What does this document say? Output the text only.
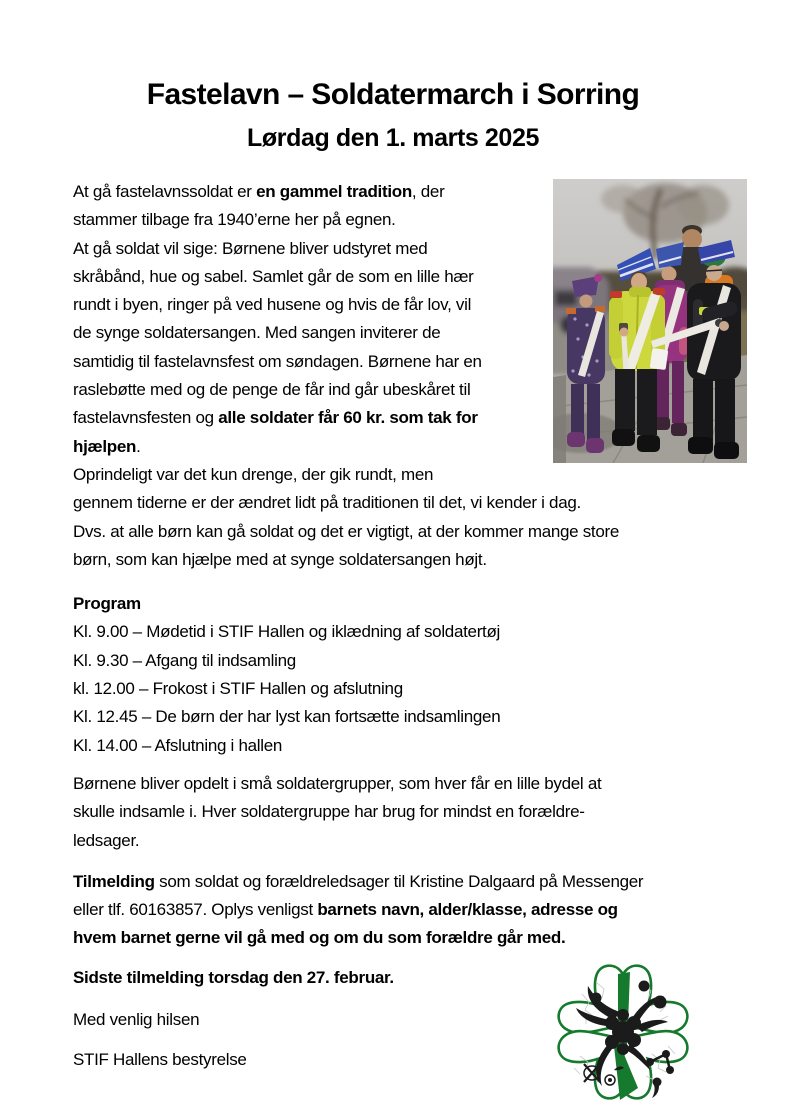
Fastelavn – Soldatermarch i Sorring
Lørdag den 1. marts 2025
At gå fastelavnssoldat er en gammel tradition, der
stammer tilbage fra 1940’erne her på egnen.
At gå soldat vil sige: Børnene bliver udstyret med
skråbånd, hue og sabel. Samlet går de som en lille hær
rundt i byen, ringer på ved husene og hvis de får lov, vil
de synge soldatersangen. Med sangen inviterer de
samtidig til fastelavnsfest om søndagen. Børnene har en
raslebøtte med og de penge de får ind går ubeskåret til
fastelavnsfesten og alle soldater får 60 kr. som tak for
hjælpen.
Oprindeligt var det kun drenge, der gik rundt, men
gennem tiderne er der ændret lidt på traditionen til det, vi kender i dag.
Dvs. at alle børn kan gå soldat og det er vigtigt, at der kommer mange store
børn, som kan hjælpe med at synge soldatersangen højt.
Program
Kl. 9.00 – Mødetid i STIF Hallen og iklædning af soldatertøj
Kl. 9.30 – Afgang til indsamling
kl. 12.00 – Frokost i STIF Hallen og afslutning
Kl. 12.45 – De børn der har lyst kan fortsætte indsamlingen
Kl. 14.00 – Afslutning i hallen
Børnene bliver opdelt i små soldatergrupper, som hver får en lille bydel at
skulle indsamle i. Hver soldatergruppe har brug for mindst en forældre-
ledsager.
Tilmelding som soldat og forældreledsager til Kristine Dalgaard på Messenger
eller tlf. 60163857. Oplys venligst barnets navn, alder/klasse, adresse og
hvem barnet gerne vil gå med og om du som forældre går med.
Sidste tilmelding torsdag den 27. februar.
Med venlig hilsen
STIF Hallens bestyrelse
